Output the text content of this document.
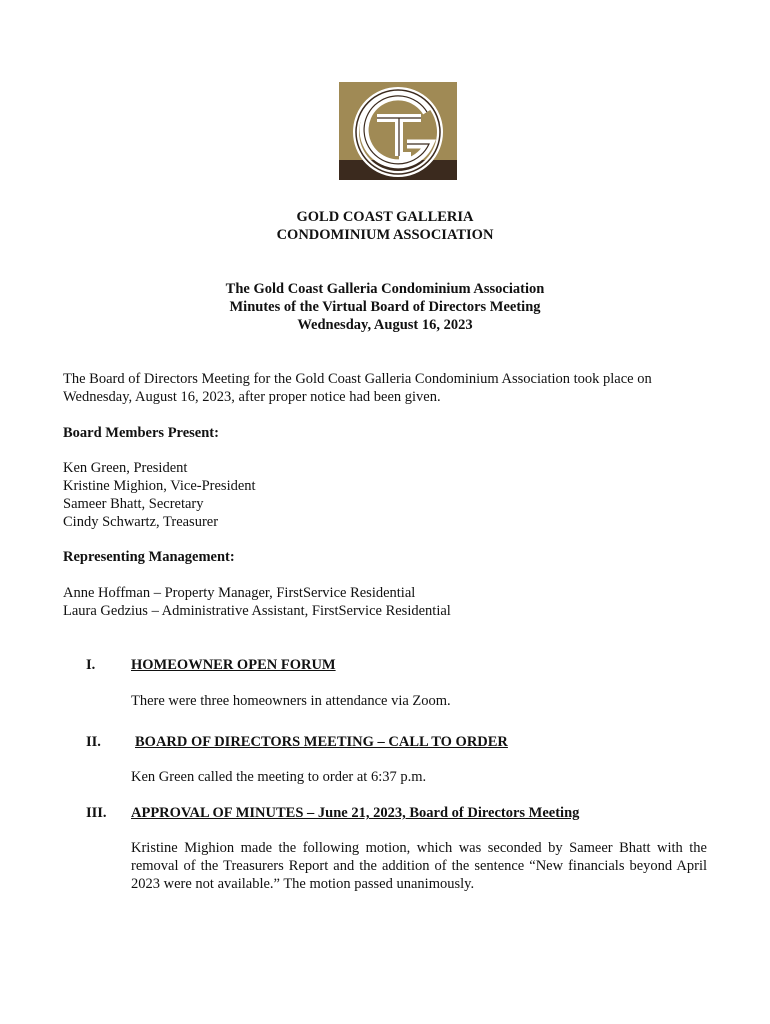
GOLD COAST GALLERIA
CONDOMINIUM ASSOCIATION
The Gold Coast Galleria Condominium Association
Minutes of the Virtual Board of Directors Meeting
Wednesday, August 16, 2023
The Board of Directors Meeting for the Gold Coast Galleria Condominium Association took place on
Wednesday, August 16, 2023, after proper notice had been given.
Board Members Present:
Ken Green, President
Kristine Mighion, Vice-President
Sameer Bhatt, Secretary
Cindy Schwartz, Treasurer
Representing Management:
Anne Hoffman – Property Manager, FirstService Residential
Laura Gedzius – Administrative Assistant, FirstService Residential
I. HOMEOWNER OPEN FORUM
There were three homeowners in attendance via Zoom.
II. BOARD OF DIRECTORS MEETING – CALL TO ORDER
Ken Green called the meeting to order at 6:37 p.m.
III. APPROVAL OF MINUTES – June 21, 2023, Board of Directors Meeting
Kristine Mighion made the following motion, which was seconded by Sameer Bhatt with the removal of the Treasurers Report and the addition of the sentence “New financials beyond April 2023 were not available.” The motion passed unanimously.
